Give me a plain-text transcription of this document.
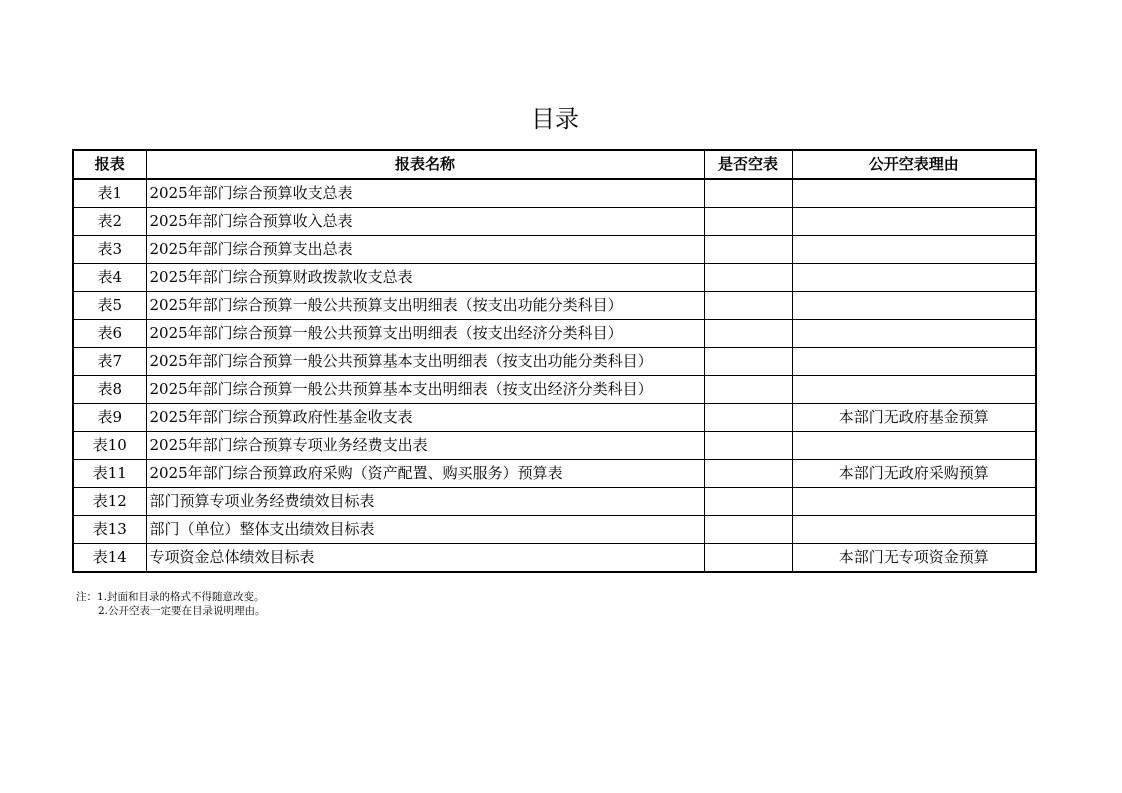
目录
报表	报表名称	是否空表	公开空表理由
表1	2025年部门综合预算收支总表		
表2	2025年部门综合预算收入总表		
表3	2025年部门综合预算支出总表		
表4	2025年部门综合预算财政拨款收支总表		
表5	2025年部门综合预算一般公共预算支出明细表（按支出功能分类科目）		
表6	2025年部门综合预算一般公共预算支出明细表（按支出经济分类科目）		
表7	2025年部门综合预算一般公共预算基本支出明细表（按支出功能分类科目）		
表8	2025年部门综合预算一般公共预算基本支出明细表（按支出经济分类科目）		
表9	2025年部门综合预算政府性基金收支表		本部门无政府基金预算
表10	2025年部门综合预算专项业务经费支出表		
表11	2025年部门综合预算政府采购（资产配置、购买服务）预算表		本部门无政府采购预算
表12	部门预算专项业务经费绩效目标表		
表13	部门（单位）整体支出绩效目标表		
表14	专项资金总体绩效目标表		本部门无专项资金预算
注：1.封面和目录的格式不得随意改变。
2.公开空表一定要在目录说明理由。
